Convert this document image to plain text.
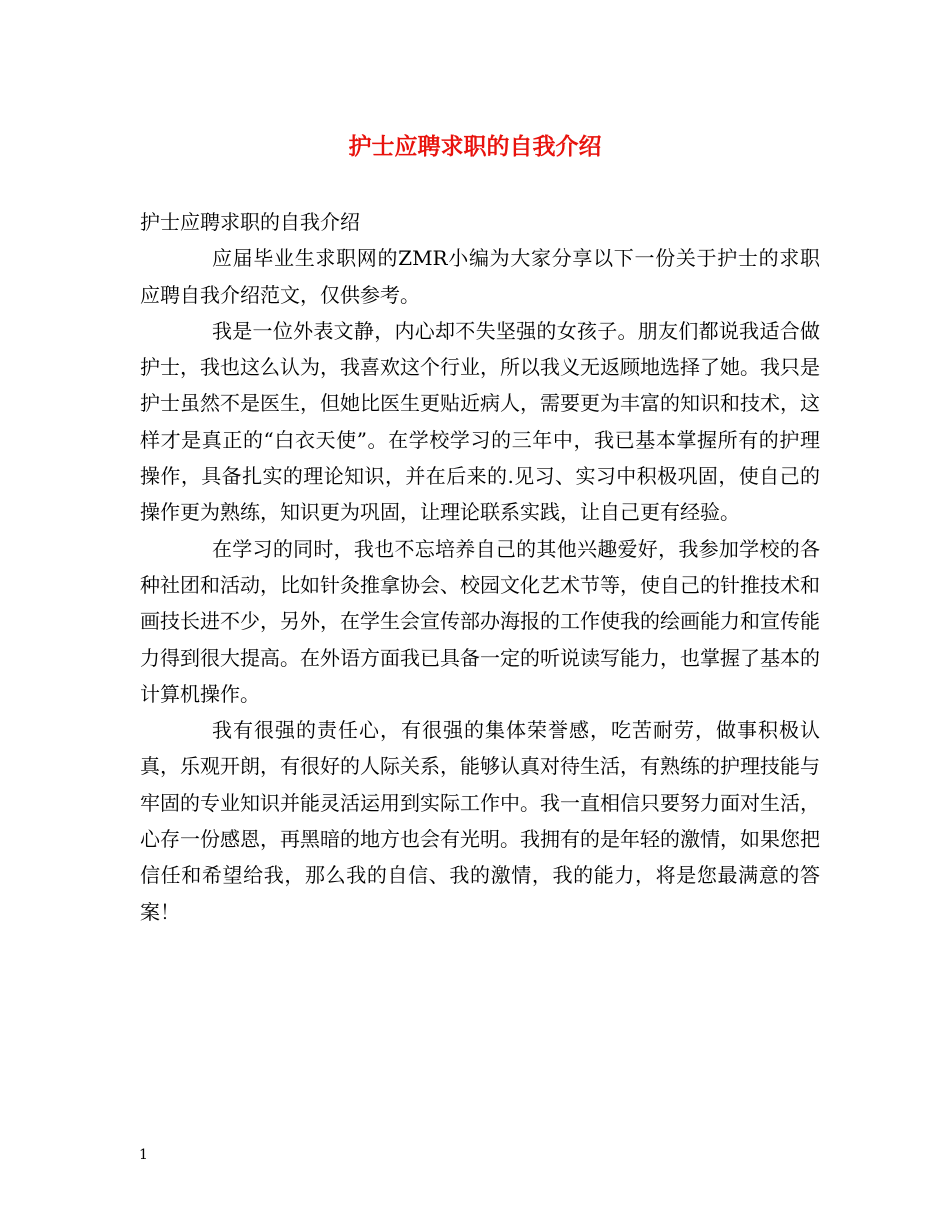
护士应聘求职的自我介绍

护士应聘求职的自我介绍

应届毕业生求职网的ZMR小编为大家分享以下一份关于护士的求职应聘自我介绍范文，仅供参考。

我是一位外表文静，内心却不失坚强的女孩子。朋友们都说我适合做护士，我也这么认为，我喜欢这个行业，所以我义无返顾地选择了她。我只是护士虽然不是医生，但她比医生更贴近病人，需要更为丰富的知识和技术，这样才是真正的“白衣天使”。在学校学习的三年中，我已基本掌握所有的护理操作，具备扎实的理论知识，并在后来的.见习、实习中积极巩固，使自己的操作更为熟练，知识更为巩固，让理论联系实践，让自己更有经验。

在学习的同时，我也不忘培养自己的其他兴趣爱好，我参加学校的各种社团和活动，比如针灸推拿协会、校园文化艺术节等，使自己的针推技术和画技长进不少，另外，在学生会宣传部办海报的工作使我的绘画能力和宣传能力得到很大提高。在外语方面我已具备一定的听说读写能力，也掌握了基本的计算机操作。

我有很强的责任心，有很强的集体荣誉感，吃苦耐劳，做事积极认真，乐观开朗，有很好的人际关系，能够认真对待生活，有熟练的护理技能与牢固的专业知识并能灵活运用到实际工作中。我一直相信只要努力面对生活，心存一份感恩，再黑暗的地方也会有光明。我拥有的是年轻的激情，如果您把信任和希望给我，那么我的自信、我的激情，我的能力，将是您最满意的答案！

1
